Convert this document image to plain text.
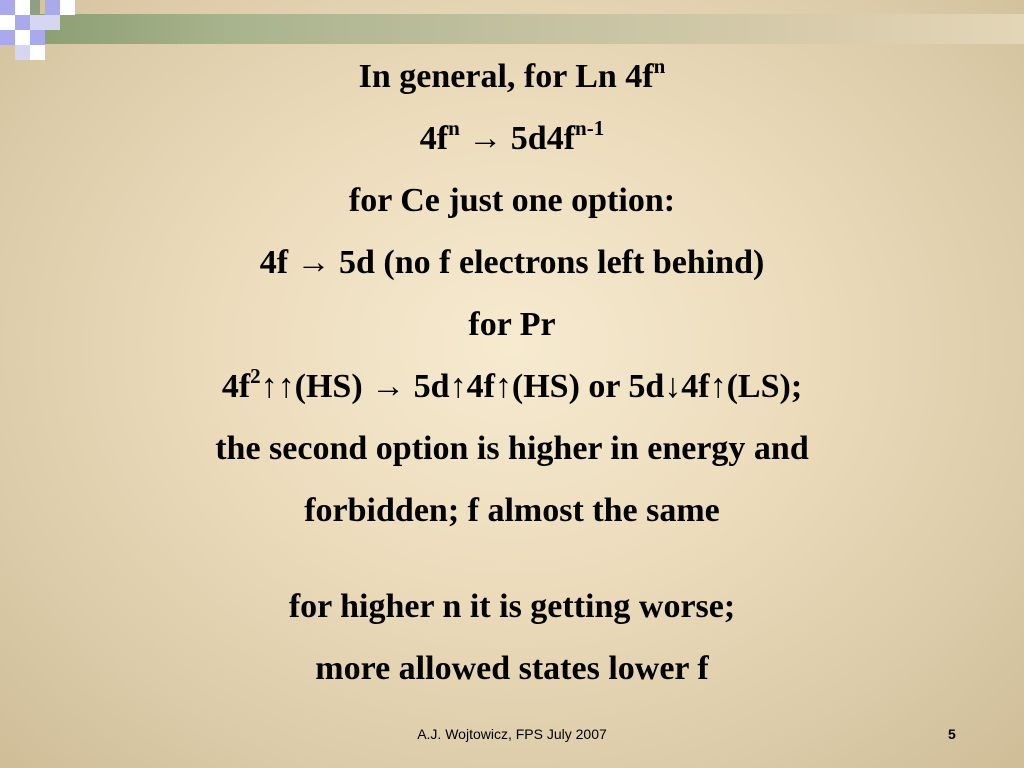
In general, for Ln $4f^n$
$4f^n \to 5d4f^{n-1}$
for Ce just one option:
4f → 5d (no f electrons left behind)
for Pr
$4f^2↑↑(HS)$ → 5d↑4f↑(HS) or 5d↓4f↑(LS);
the second option is higher in energy and
forbidden; f almost the same
for higher n it is getting worse;
more allowed states lower f
A.J. Wojtowicz, FPS July 2007	5
